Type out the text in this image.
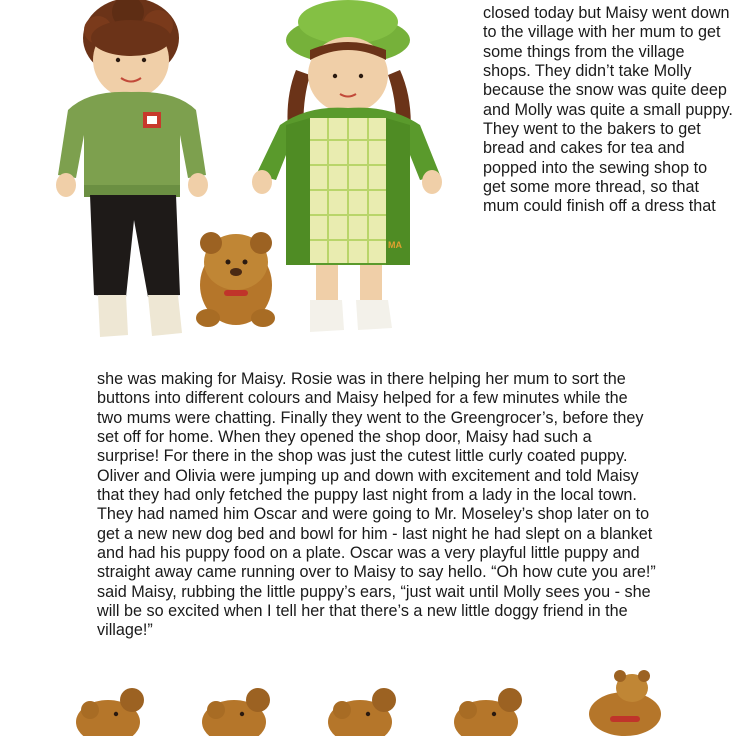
MA

closed today but Maisy went down to the village with her mum to get some things from the village shops. They didn’t take Molly because the snow was quite deep and Molly was quite a small puppy.

They went to the bakers to get bread and cakes for tea and popped into the sewing shop to get some more thread, so that mum could finish off a dress that

she was making for Maisy. Rosie was in there helping her mum to sort the buttons into different colours and Maisy helped for a few minutes while the two mums were chatting. Finally they went to the Greengrocer’s, before they set off for home. When they opened the shop door, Maisy had such a surprise! For there in the shop was just the cutest little curly coated puppy. Oliver and Olivia were jumping up and down with excitement and told Maisy that they had only fetched the puppy last night from a lady in the local town. They had named him Oscar and were going to Mr. Moseley’s shop later on to get a new new dog bed and bowl for him - last night he had slept on a blanket and had his puppy food on a plate. Oscar was a very playful little puppy and straight away came running over to Maisy to say hello. “Oh how cute you are!” said Maisy, rubbing the little puppy’s ears, “just wait until Molly sees you - she will be so excited when I tell her that there’s a new little doggy friend in the village!”
